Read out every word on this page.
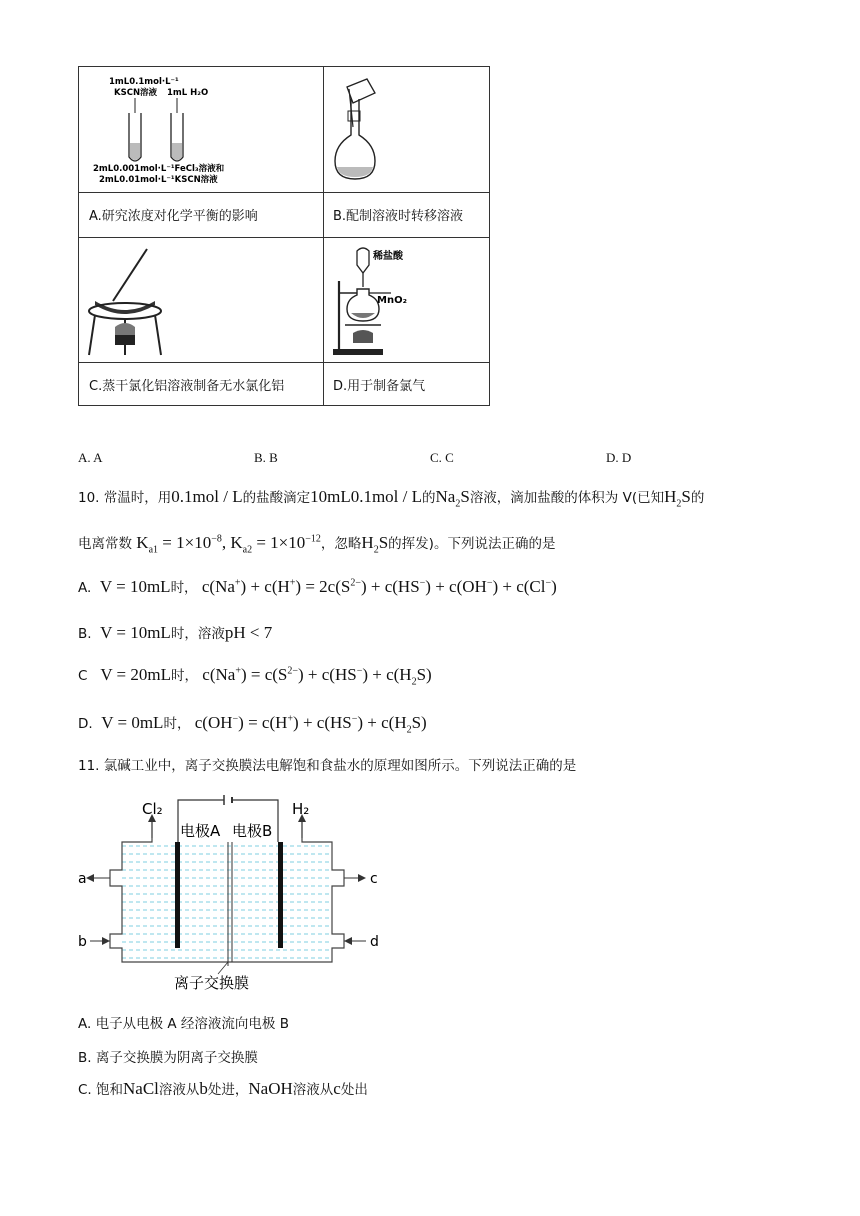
1mL0.1mol·L⁻¹
KSCN溶液 1mL H₂O
2mL0.001mol·L⁻¹FeCl₃溶液和
2mL0.01mol·L⁻¹KSCN溶液
稀盐酸
MnO₂
A.研究浓度对化学平衡的影响	B.配制溶液时转移溶液
C.蒸干氯化铝溶液制备无水氯化铝	D.用于制备氯气
A. A	B. B	C. C	D. D
10. 常温时，用0.1mol / L的盐酸滴定10mL0.1mol / L的$Na_2S$溶液，滴加盐酸的体积为 V(已知$H_2S$的
电离常数 $K_{a1} = 1\times 10^{-8}$, $K_{a2} = 1\times 10^{-12}$，忽略$H_2S$的挥发)。下列说法正确的是
A. V = 10mL时， $c(Na^+) + c(H^+) = 2c(S^{2-}) + c(HS^-) + c(OH^-) + c(Cl^-)$
B. V = 10mL时，溶液pH < 7
C V = 20mL时， $c(Na^+) = c(S^{2-}) + c(HS^-) + c(H_2S)$
D. V = 0mL时， $c(OH^-) = c(H^+) + c(HS^-) + c(H_2S)$
11. 氯碱工业中，离子交换膜法电解饱和食盐水的原理如图所示。下列说法正确的是
Cl₂	H₂
电极A 电极B
离子交换膜
a
b
c
d
A. 电子从电极 A 经溶液流向电极 B
B. 离子交换膜为阴离子交换膜
C. 饱和NaCl溶液从b处进，NaOH溶液从c处出
